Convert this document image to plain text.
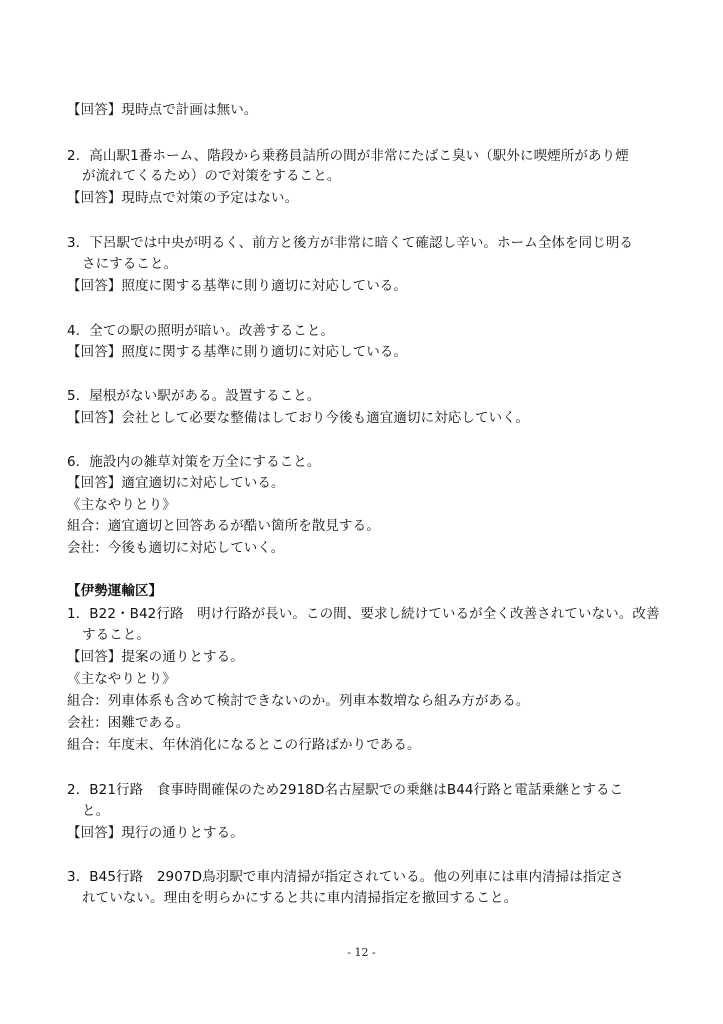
【回答】現時点で計画は無い。
2．高山駅1番ホーム、階段から乗務員詰所の間が非常にたばこ臭い（駅外に喫煙所があり煙
が流れてくるため）ので対策をすること。
【回答】現時点で対策の予定はない。
3．下呂駅では中央が明るく、前方と後方が非常に暗くて確認し辛い。ホーム全体を同じ明る
さにすること。
【回答】照度に関する基準に則り適切に対応している。
4．全ての駅の照明が暗い。改善すること。
【回答】照度に関する基準に則り適切に対応している。
5．屋根がない駅がある。設置すること。
【回答】会社として必要な整備はしており今後も適宜適切に対応していく。
6．施設内の雑草対策を万全にすること。
【回答】適宜適切に対応している。
《主なやりとり》
組合：適宜適切と回答あるが酷い箇所を散見する。
会社：今後も適切に対応していく。
【伊勢運輸区】
1．B22・B42行路　明け行路が長い。この間、要求し続けているが全く改善されていない。改善
すること。
【回答】提案の通りとする。
《主なやりとり》
組合：列車体系も含めて検討できないのか。列車本数増なら組み方がある。
会社：困難である。
組合：年度末、年休消化になるとこの行路ばかりである。
2．B21行路　食事時間確保のため2918D名古屋駅での乗継はB44行路と電話乗継とするこ
と。
【回答】現行の通りとする。
3．B45行路　2907D鳥羽駅で車内清掃が指定されている。他の列車には車内清掃は指定さ
れていない。理由を明らかにすると共に車内清掃指定を撤回すること。
- 12 -
